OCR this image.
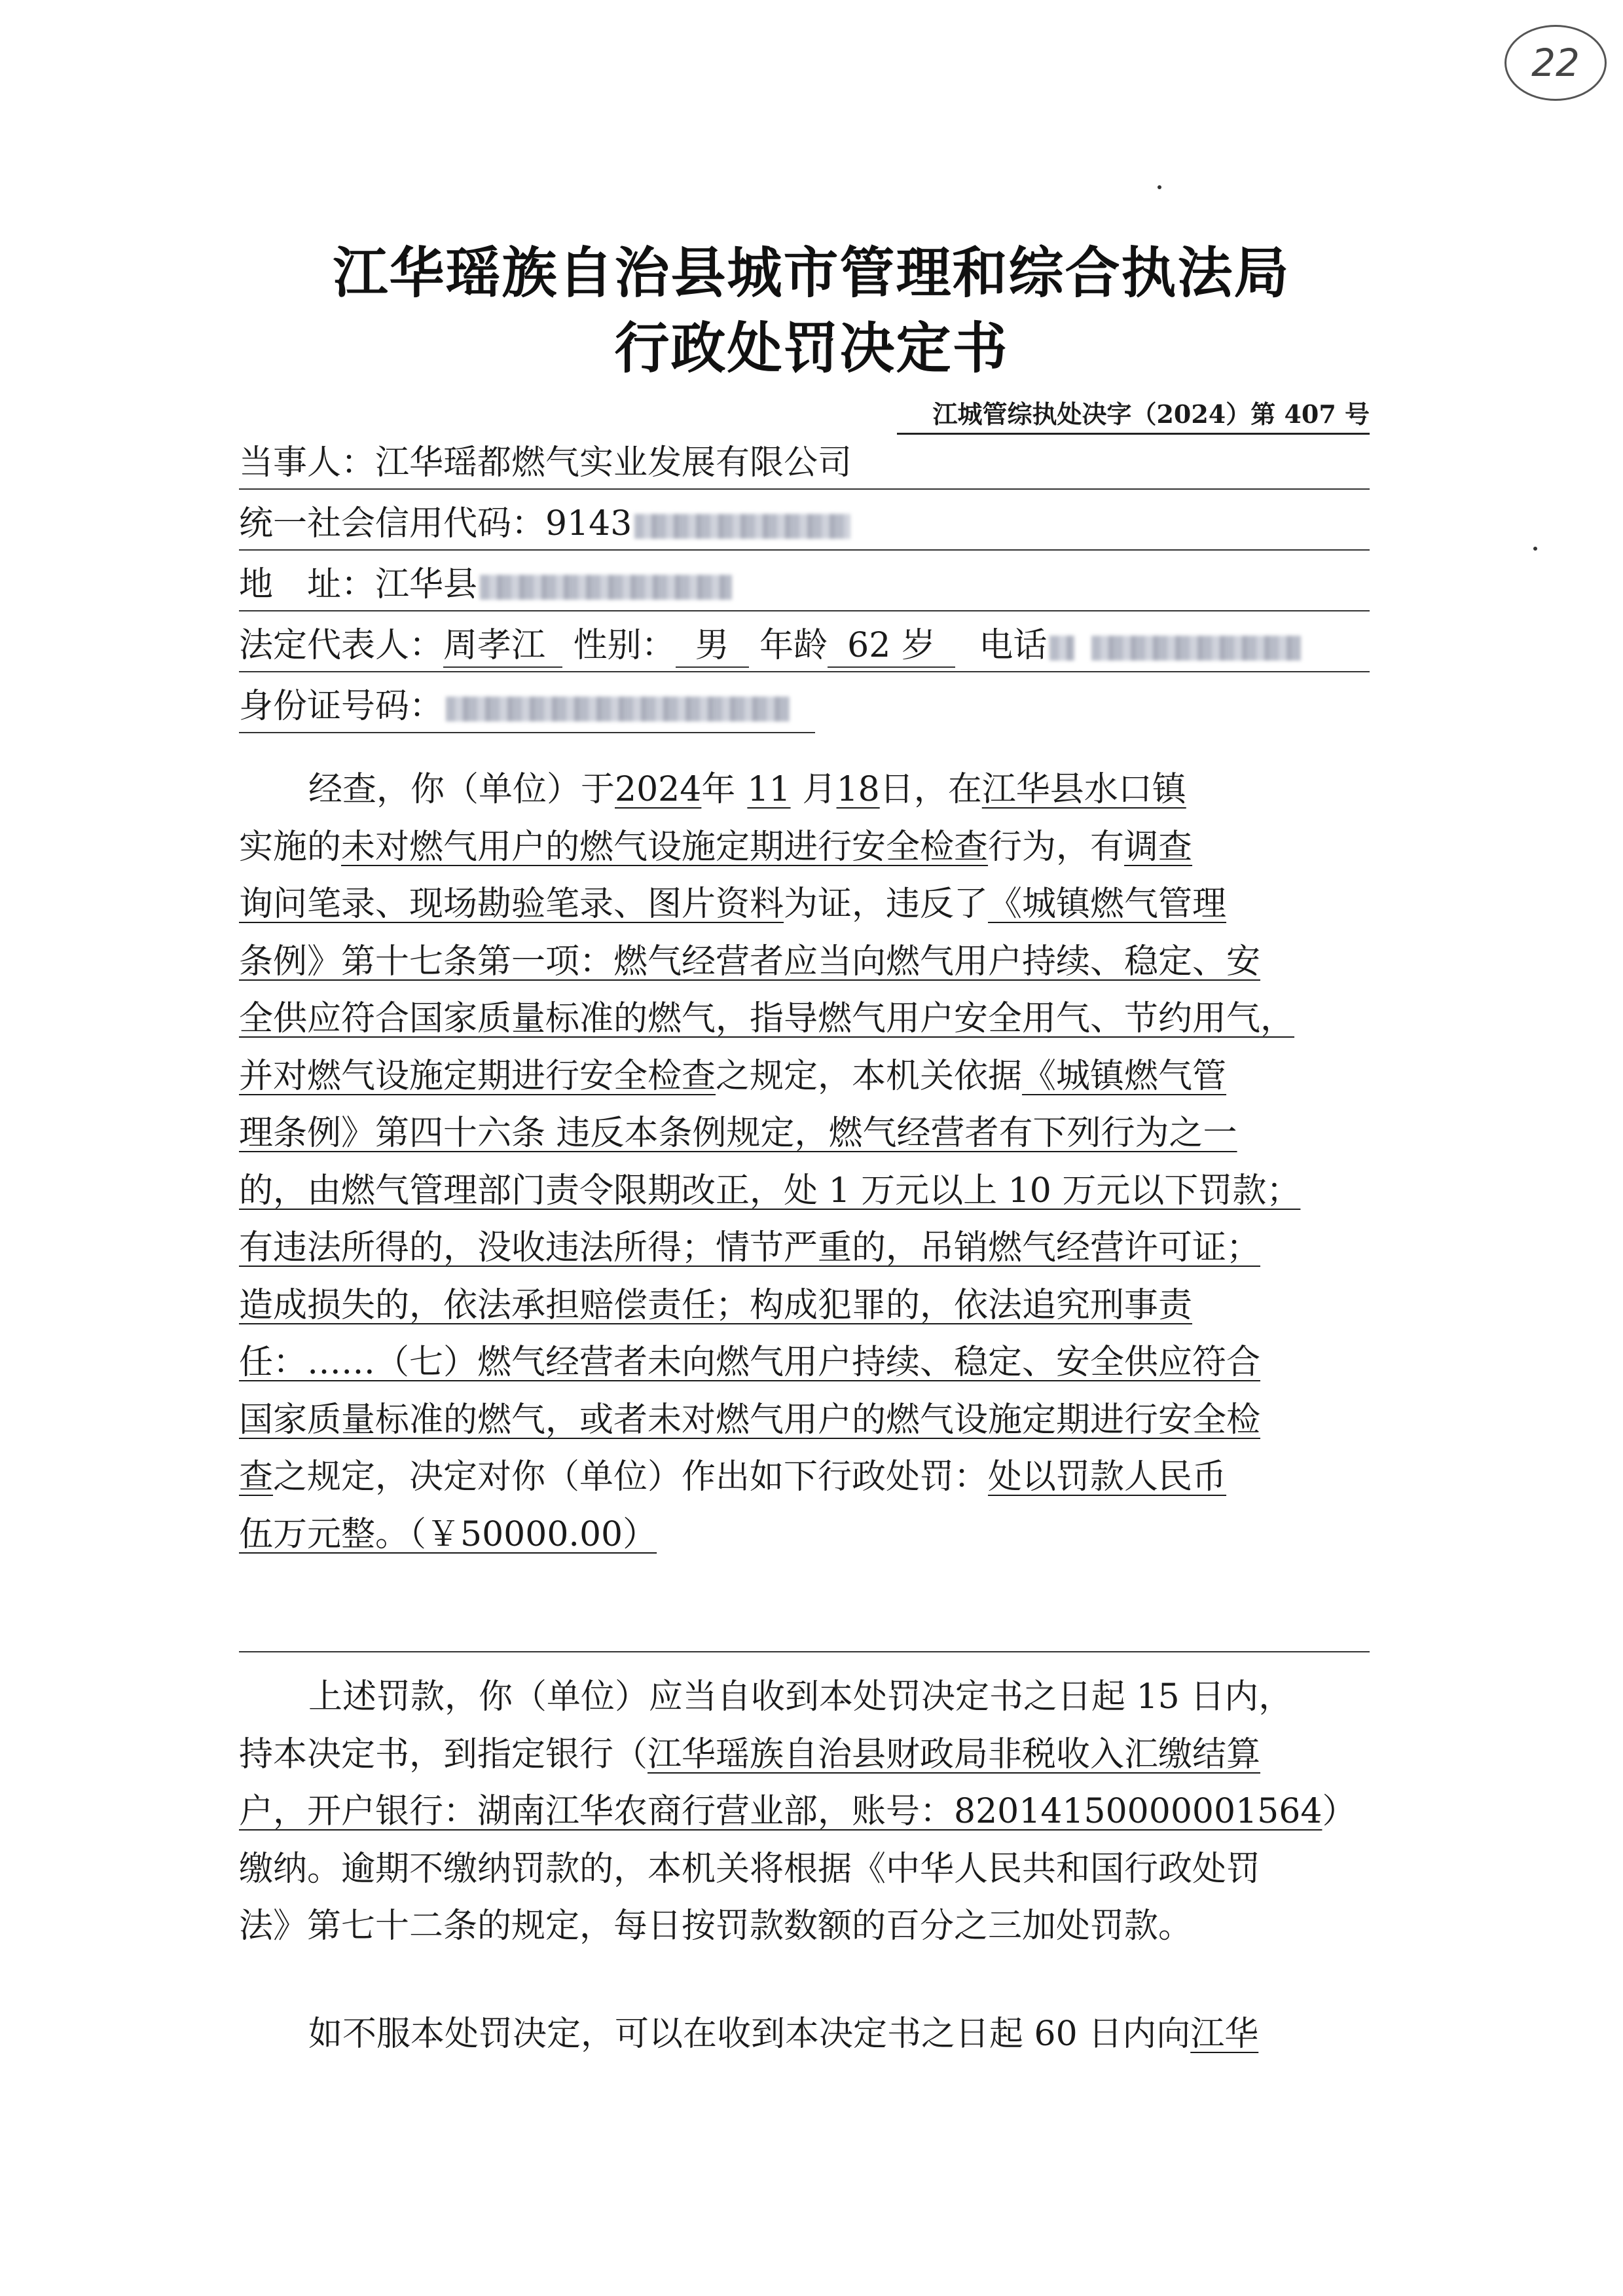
22
江华瑶族自治县城市管理和综合执法局
行政处罚决定书
江城管综执处决字（2024）第 407 号
当事人：江华瑶都燃气实业发展有限公司
统一社会信用代码：9143
地　址：江华县
法定代表人：周孝江 性别： 男 年龄 62 岁 电话
身份证号码：
经查，你（单位）于2024年 11 月18日，在江华县水口镇
实施的未对燃气用户的燃气设施定期进行安全检查行为，有调查
询问笔录、现场勘验笔录、图片资料为证，违反了《城镇燃气管理
条例》第十七条第一项：燃气经营者应当向燃气用户持续、稳定、安
全供应符合国家质量标准的燃气，指导燃气用户安全用气、节约用气，
并对燃气设施定期进行安全检查之规定，本机关依据《城镇燃气管
理条例》第四十六条 违反本条例规定，燃气经营者有下列行为之一
的，由燃气管理部门责令限期改正，处 1 万元以上 10 万元以下罚款；
有违法所得的，没收违法所得；情节严重的，吊销燃气经营许可证；
造成损失的，依法承担赔偿责任；构成犯罪的，依法追究刑事责
任：……（七）燃气经营者未向燃气用户持续、稳定、安全供应符合
国家质量标准的燃气，或者未对燃气用户的燃气设施定期进行安全检
查之规定，决定对你（单位）作出如下行政处罚：处以罚款人民币
伍万元整。（￥50000.00）
上述罚款，你（单位）应当自收到本处罚决定书之日起 15 日内，
持本决定书，到指定银行（江华瑶族自治县财政局非税收入汇缴结算
户，开户银行：湖南江华农商行营业部，账号：82014150000001564）
缴纳。逾期不缴纳罚款的，本机关将根据《中华人民共和国行政处罚
法》第七十二条的规定，每日按罚款数额的百分之三加处罚款。
如不服本处罚决定，可以在收到本决定书之日起 60 日内向江华
